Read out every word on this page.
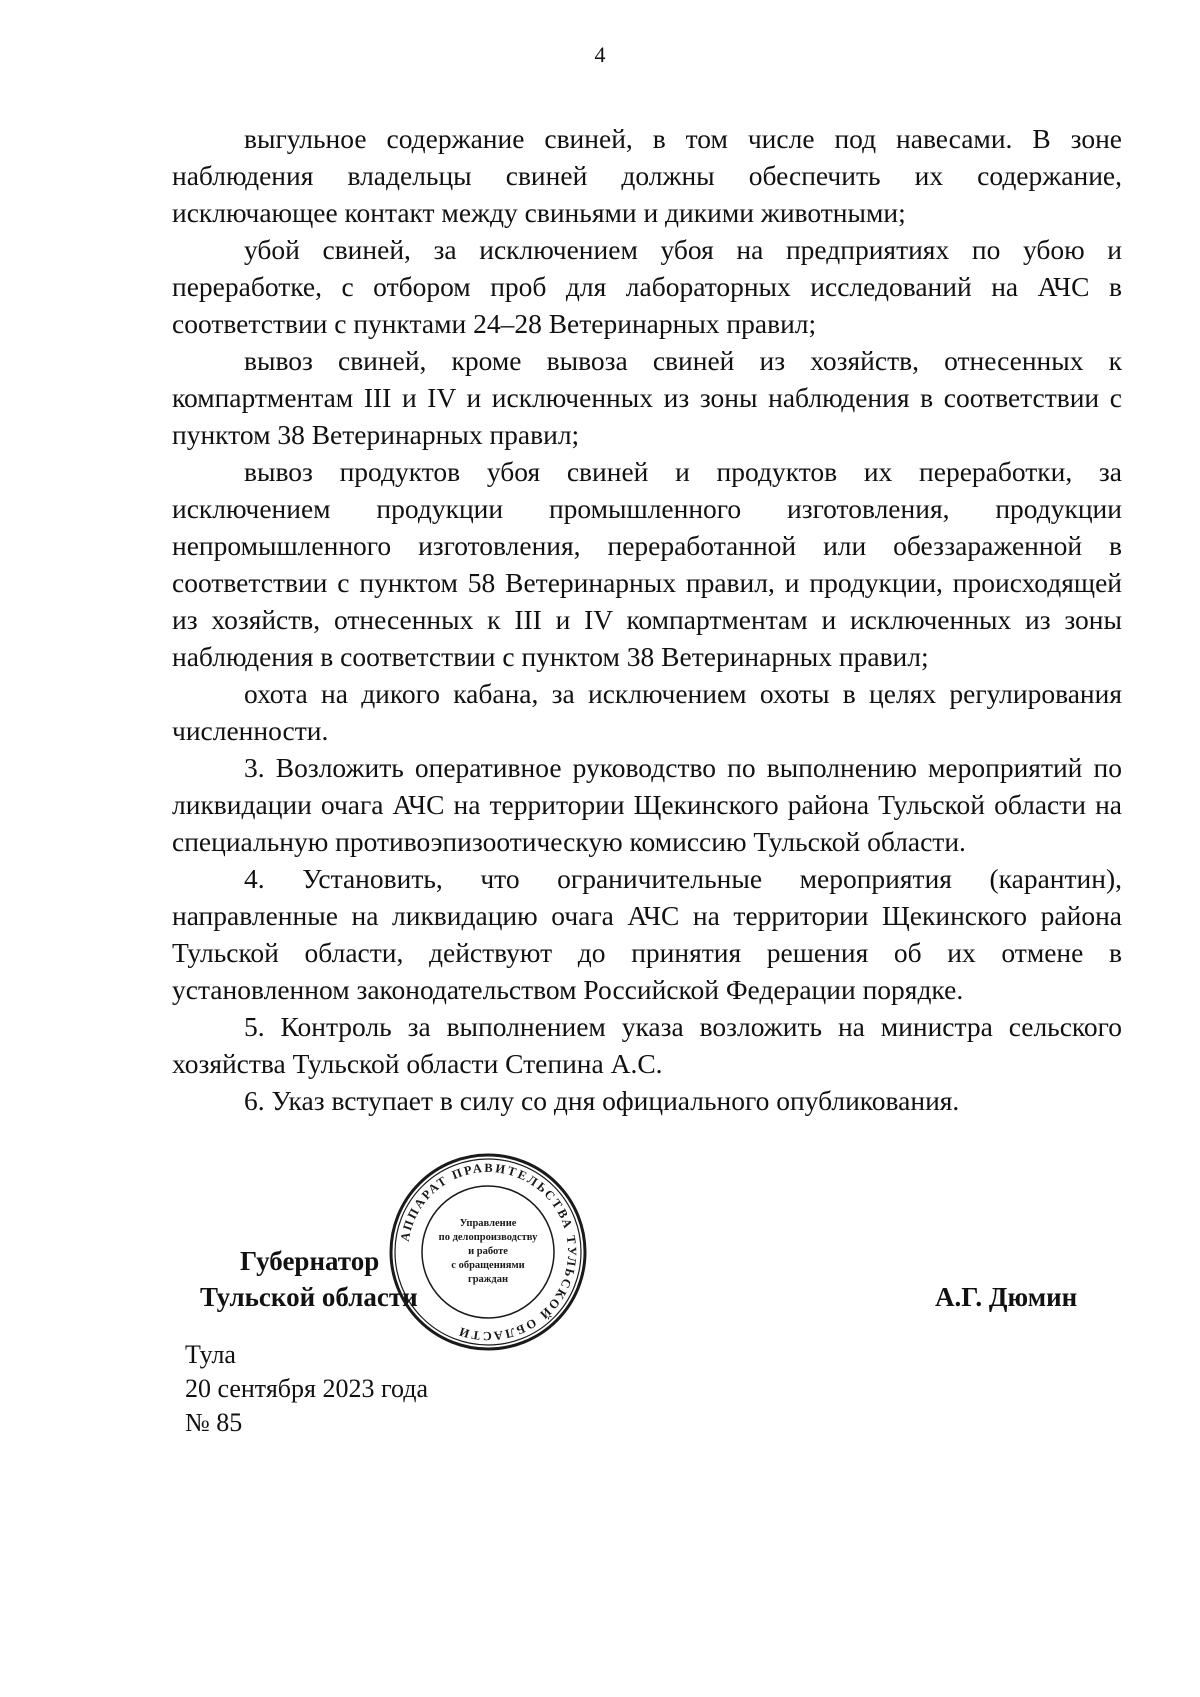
4

выгульное содержание свиней, в том числе под навесами. В зоне наблюдения владельцы свиней должны обеспечить их содержание, исключающее контакт между свиньями и дикими животными;

убой свиней, за исключением убоя на предприятиях по убою и переработке, с отбором проб для лабораторных исследований на АЧС в соответствии с пунктами 24–28 Ветеринарных правил;

вывоз свиней, кроме вывоза свиней из хозяйств, отнесенных к компартментам III и IV и исключенных из зоны наблюдения в соответствии с пунктом 38 Ветеринарных правил;

вывоз продуктов убоя свиней и продуктов их переработки, за исключением продукции промышленного изготовления, продукции непромышленного изготовления, переработанной или обеззараженной в соответствии с пунктом 58 Ветеринарных правил, и продукции, происходящей из хозяйств, отнесенных к III и IV компартментам и исключенных из зоны наблюдения в соответствии с пунктом 38 Ветеринарных правил;

охота на дикого кабана, за исключением охоты в целях регулирования численности.

3. Возложить оперативное руководство по выполнению мероприятий по ликвидации очага АЧС на территории Щекинского района Тульской области на специальную противоэпизоотическую комиссию Тульской области.

4. Установить, что ограничительные мероприятия (карантин), направленные на ликвидацию очага АЧС на территории Щекинского района Тульской области, действуют до принятия решения об их отмене в установленном законодательством Российской Федерации порядке.

5. Контроль за выполнением указа возложить на министра сельского хозяйства Тульской области Степина А.С.

6. Указ вступает в силу со дня официального опубликования.

Губернатор
Тульской области	А.Г. Дюмин
АППАРАТ ПРАВИТЕЛЬСТВА ТУЛЬСКОЙ ОБЛАСТИ
Управление
по делопроизводству
и работе
с обращениями
граждан
Тула
20 сентября 2023 года
№ 85
